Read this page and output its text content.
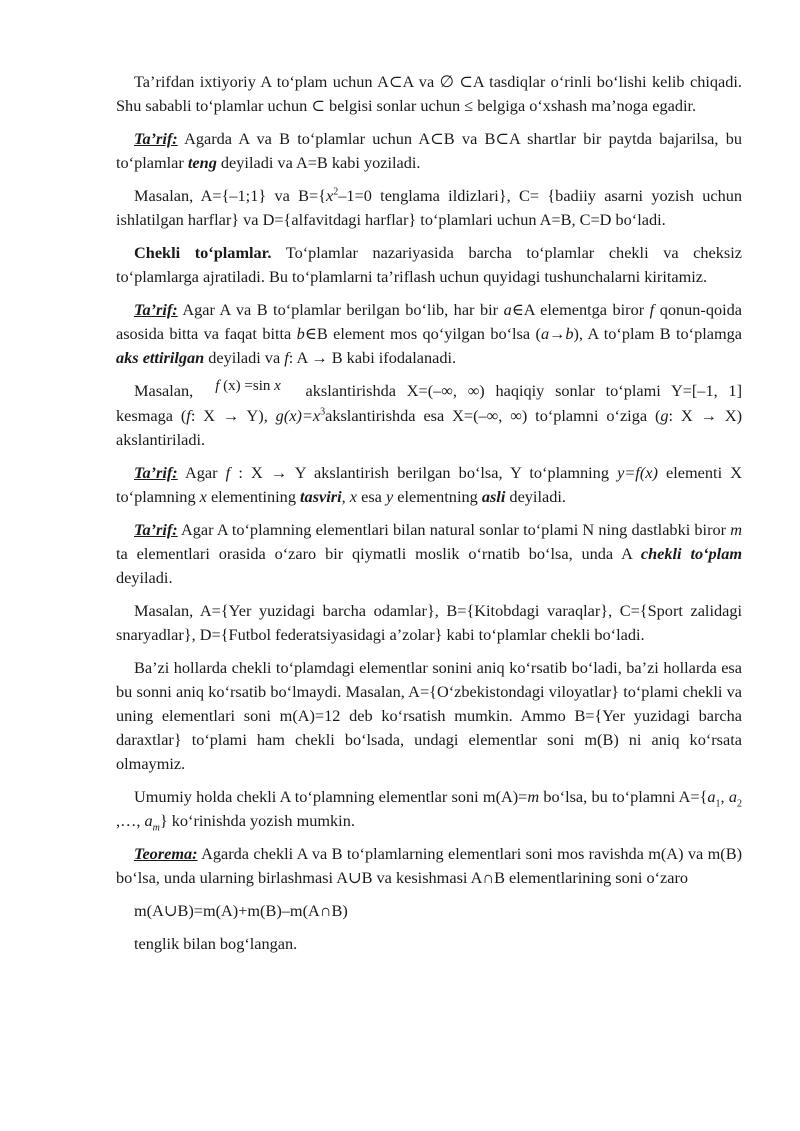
Ta’rifdan ixtiyoriy A to‘plam uchun A⊂A va ∅ ⊂A tasdiqlar o‘rinli bo‘lishi kelib chiqadi. Shu sababli to‘plamlar uchun ⊂ belgisi sonlar uchun ≤ belgiga o‘xshash ma’noga egadir.

Ta’rif: Agarda A va B to‘plamlar uchun A⊂B va B⊂A shartlar bir paytda bajarilsa, bu to‘plamlar teng deyiladi va A=B kabi yoziladi.

Masalan, A={–1;1} va $B=\{x^2-1=0$ tenglama ildizlari}, C= {badiiy asarni yozish uchun ishlatilgan harflar} va D={alfavitdagi harflar} to‘plamlari uchun A=B, C=D bo‘ladi.

Chekli to‘plamlar. To‘plamlar nazariyasida barcha to‘plamlar chekli va cheksiz to‘plamlarga ajratiladi. Bu to‘plamlarni ta’riflash uchun quyidagi tushunchalarni kiritamiz.

Ta’rif: Agar A va B to‘plamlar berilgan bo‘lib, har bir a∈A elementga biror f qonun-qoida asosida bitta va faqat bitta b∈B element mos qo‘yilgan bo‘lsa (a→b), A to‘plam B to‘plamga aks ettirilgan deyiladi va f: A → B kabi ifodalanadi.

Masalan, f (x) =sin x akslantirishda X=(–∞, ∞) haqiqiy sonlar to‘plami Y=[–1, 1] kesmaga (f: X → Y), $g(x)=x^3akslantirishda$ esa X=(–∞, ∞) to‘plamni o‘ziga (g: X → X) akslantiriladi.

Ta’rif: Agar f : X → Y akslantirish berilgan bo‘lsa, Y to‘plamning y=f(x) elementi X to‘plamning x elementining tasviri, x esa y elementning asli deyiladi.

Ta’rif: Agar A to‘plamning elementlari bilan natural sonlar to‘plami N ning dastlabki biror m ta elementlari orasida o‘zaro bir qiymatli moslik o‘rnatib bo‘lsa, unda A chekli to‘plam deyiladi.

Masalan, A={Yer yuzidagi barcha odamlar}, B={Kitobdagi varaqlar}, C={Sport zalidagi snaryadlar}, D={Futbol federatsiyasidagi a’zolar} kabi to‘plamlar chekli bo‘ladi.

Ba’zi hollarda chekli to‘plamdagi elementlar sonini aniq ko‘rsatib bo‘ladi, ba’zi hollarda esa bu sonni aniq ko‘rsatib bo‘lmaydi. Masalan, A={O‘zbekistondagi viloyatlar} to‘plami chekli va uning elementlari soni m(A)=12 deb ko‘rsatish mumkin. Ammo B={Yer yuzidagi barcha daraxtlar} to‘plami ham chekli bo‘lsada, undagi elementlar soni m(B) ni aniq ko‘rsata olmaymiz.

Umumiy holda chekli A to‘plamning elementlar soni m(A)=m bo‘lsa, bu to‘plamni $A=\{a_1$, $a_2$ ,…, $a_m$} ko‘rinishda yozish mumkin.

Teorema: Agarda chekli A va B to‘plamlarning elementlari soni mos ravishda m(A) va m(B) bo‘lsa, unda ularning birlashmasi A∪B va kesishmasi A∩B elementlarining soni o‘zaro

m(A∪B)=m(A)+m(B)–m(A∩B)

tenglik bilan bog‘langan.
